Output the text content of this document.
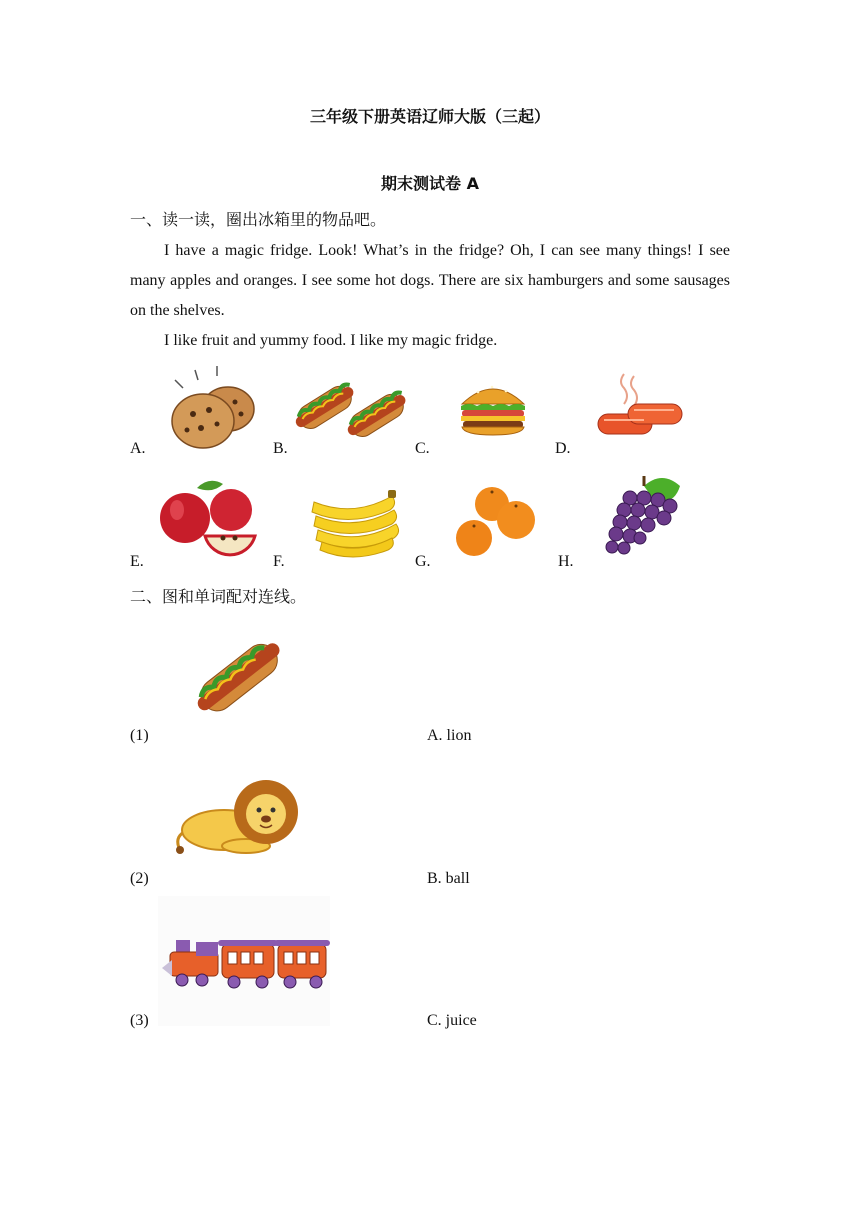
三年级下册英语辽师大版（三起）
期末测试卷 A
一、读一读，圈出冰箱里的物品吧。

I have a magic fridge. Look! What’s in the fridge? Oh, I can see many things! I see many apples and oranges. I see some hot dogs. There are six hamburgers and some sausages on the shelves.

I like fruit and yummy food. I like my magic fridge.

A.	B.	C.	D.
E.	F.	G.	H.
二、图和单词配对连线。
(1)	A. lion
(2)	B. ball
(3)	C. juice
